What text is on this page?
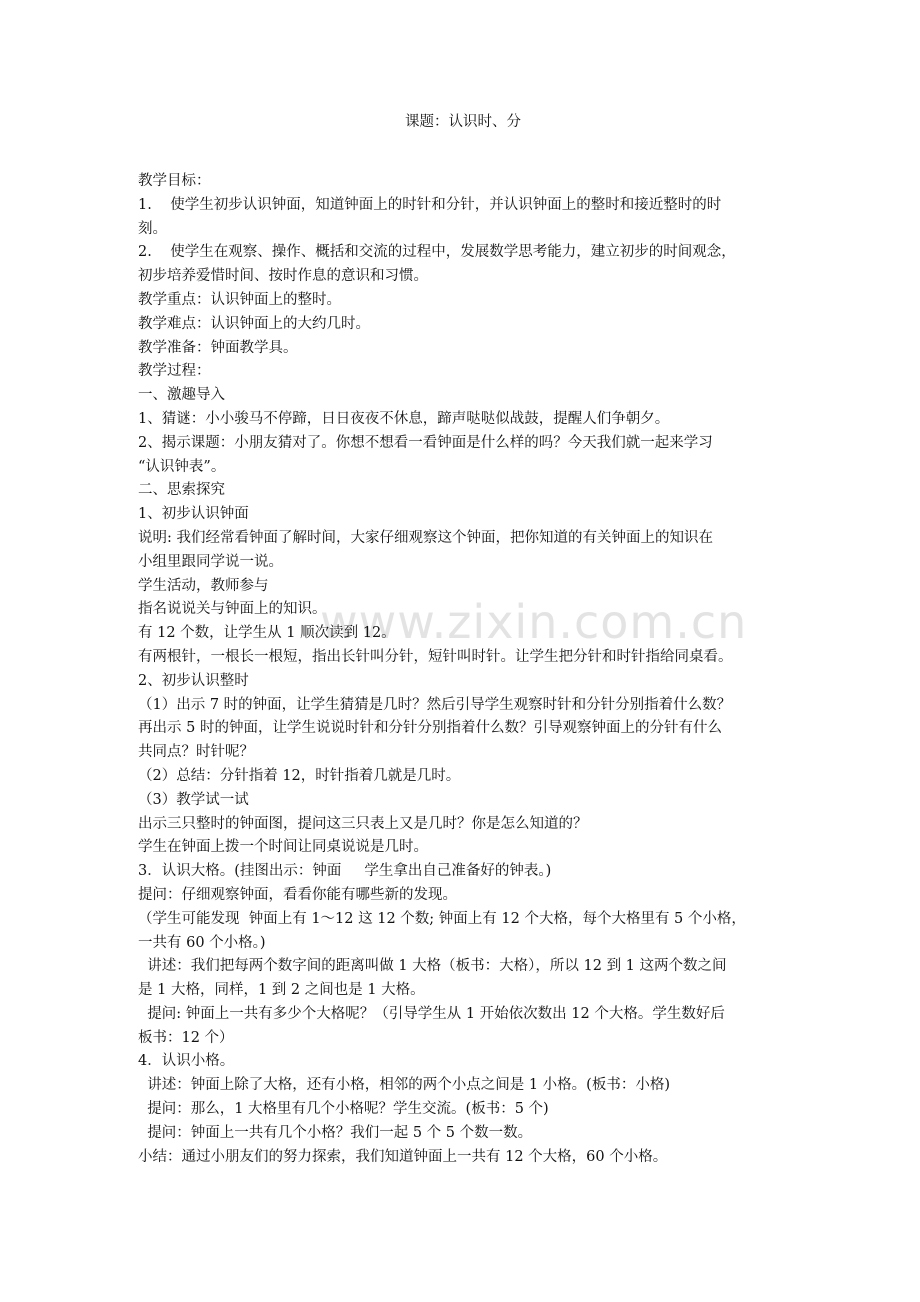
www.zixin.com.cn
课题：认识时、分

教学目标：

1.    使学生初步认识钟面，知道钟面上的时针和分针，并认识钟面上的整时和接近整时的时

刻。

2.    使学生在观察、操作、概括和交流的过程中，发展数学思考能力，建立初步的时间观念，

初步培养爱惜时间、按时作息的意识和习惯。

教学重点：认识钟面上的整时。

教学难点：认识钟面上的大约几时。

教学准备：钟面教学具。

教学过程：

一、激趣导入

1、猜谜：小小骏马不停蹄，日日夜夜不休息，蹄声哒哒似战鼓，提醒人们争朝夕。

2、揭示课题：小朋友猜对了。你想不想看一看钟面是什么样的吗？今天我们就一起来学习

“认识钟表”。

二、思索探究

1、初步认识钟面

说明: 我们经常看钟面了解时间，大家仔细观察这个钟面，把你知道的有关钟面上的知识在

小组里跟同学说一说。

学生活动，教师参与

指名说说关与钟面上的知识。

有 12 个数，让学生从 1 顺次读到 12。

有两根针，一根长一根短，指出长针叫分针，短针叫时针。让学生把分针和时针指给同桌看。

2、初步认识整时

（1）出示 7 时的钟面，让学生猜猜是几时？然后引导学生观察时针和分针分别指着什么数？

再出示 5 时的钟面，让学生说说时针和分针分别指着什么数？引导观察钟面上的分针有什么

共同点？时针呢？

（2）总结：分针指着 12，时针指着几就是几时。

（3）教学试一试

出示三只整时的钟面图，提问这三只表上又是几时？你是怎么知道的？

学生在钟面上拨一个时间让同桌说说是几时。

3．认识大格。(挂图出示：钟面     学生拿出自己准备好的钟表。)

提问：仔细观察钟面，看看你能有哪些新的发现。

（学生可能发现  钟面上有 1～12 这 12 个数; 钟面上有 12 个大格，每个大格里有 5 个小格，

一共有 60 个小格。)

讲述：我们把每两个数字间的距离叫做 1 大格（板书：大格），所以 12 到 1 这两个数之间

是 1 大格，同样，1 到 2 之间也是 1 大格。

提问: 钟面上一共有多少个大格呢？（引导学生从 1 开始依次数出 12 个大格。学生数好后

板书：12 个）

4．认识小格。

讲述：钟面上除了大格，还有小格，相邻的两个小点之间是 1 小格。(板书：小格)

提问：那么，1 大格里有几个小格呢？学生交流。(板书：5 个)

提问：钟面上一共有几个小格？我们一起 5 个 5 个数一数。

小结：通过小朋友们的努力探索，我们知道钟面上一共有 12 个大格，60 个小格。
